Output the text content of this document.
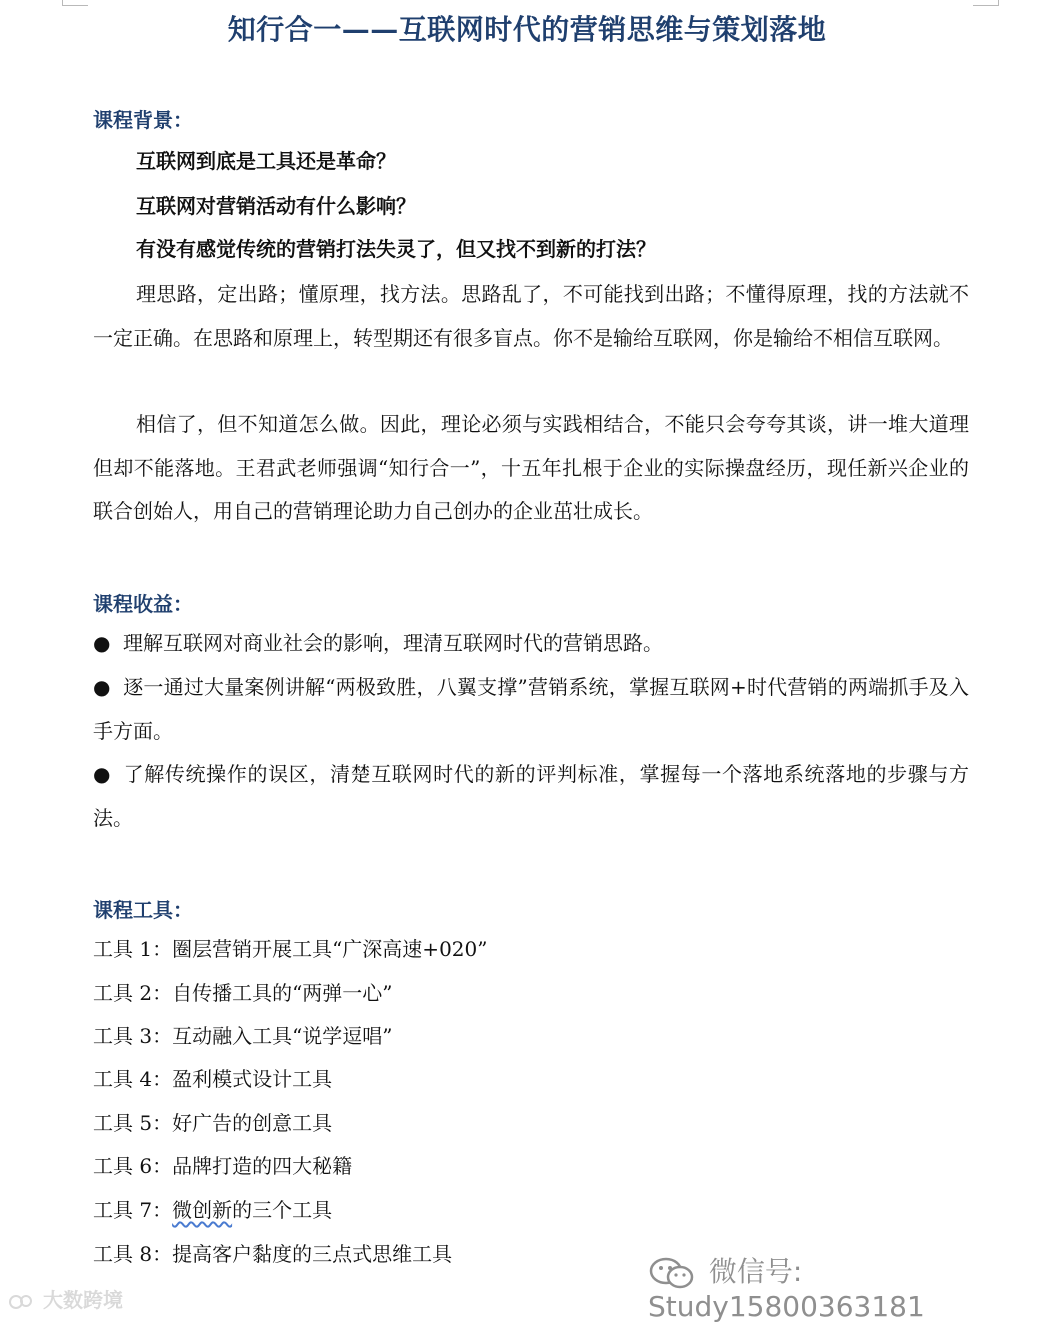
知行合一——互联网时代的营销思维与策划落地
课程背景：
互联网到底是工具还是革命？
互联网对营销活动有什么影响？
有没有感觉传统的营销打法失灵了，但又找不到新的打法？
理思路，定出路；懂原理，找方法。思路乱了，不可能找到出路；不懂得原理，找的方法就不一定正确。在思路和原理上，转型期还有很多盲点。你不是输给互联网，你是输给不相信互联网。
相信了，但不知道怎么做。因此，理论必须与实践相结合，不能只会夸夸其谈，讲一堆大道理但却不能落地。王君武老师强调“知行合一”，十五年扎根于企业的实际操盘经历，现任新兴企业的联合创始人，用自己的营销理论助力自己创办的企业茁壮成长。
课程收益：
● 理解互联网对商业社会的影响，理清互联网时代的营销思路。
● 逐一通过大量案例讲解“两极致胜，八翼支撑”营销系统，掌握互联网+时代营销的两端抓手及入手方面。
● 了解传统操作的误区，清楚互联网时代的新的评判标准，掌握每一个落地系统落地的步骤与方法。
课程工具：
工具 1：圈层营销开展工具“广深高速+020”
工具 2：自传播工具的“两弹一心”
工具 3：互动融入工具“说学逗唱”
工具 4：盈利模式设计工具
工具 5：好广告的创意工具
工具 6：品牌打造的四大秘籍
工具 7：微创新的三个工具
工具 8：提高客户黏度的三点式思维工具
大数跨境
微信号: Study15800363181
